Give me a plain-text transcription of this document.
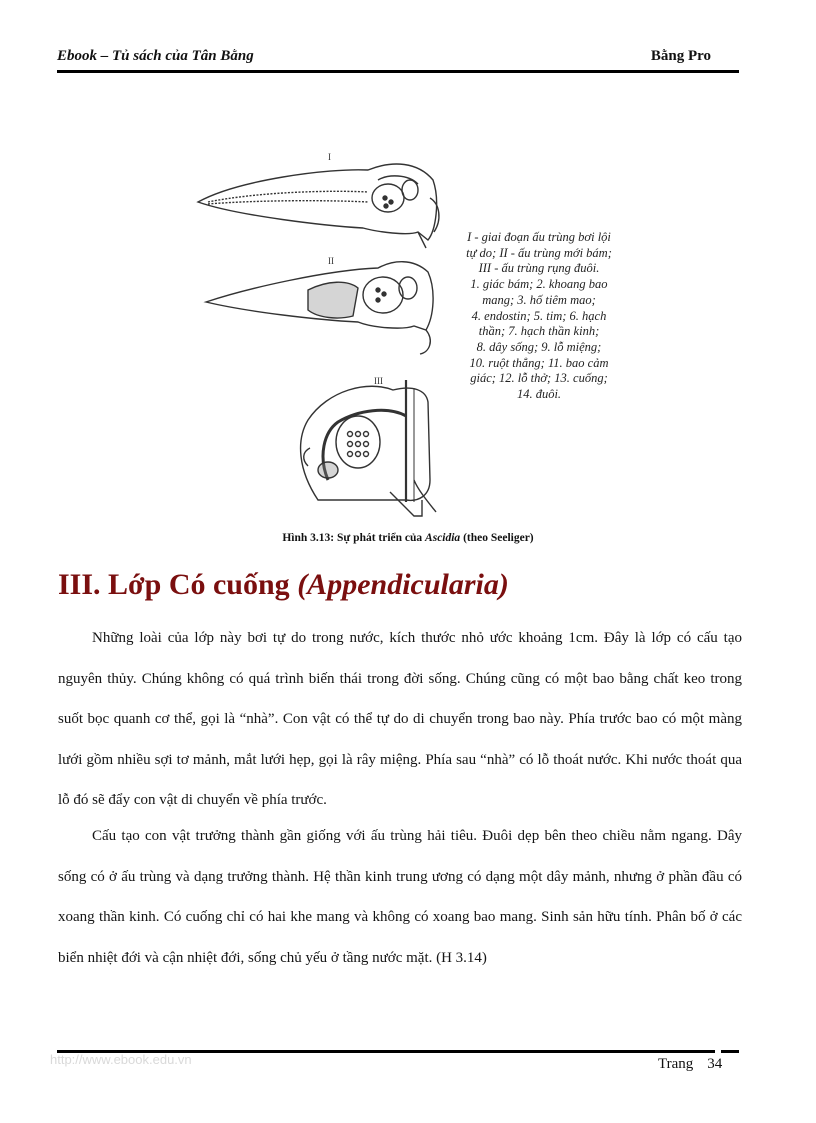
Ebook – Tủ sách của Tân Bằng	Bằng Pro
I
II
III
I - giai đoạn ấu trùng bơi lội
tự do; II - ấu trùng mới bám;
III - ấu trùng rụng đuôi.
1. giác bám; 2. khoang bao
mang; 3. hố tiêm mao;
4. endostin; 5. tim; 6. hạch
thần; 7. hạch thần kinh;
8. dây sống; 9. lỗ miệng;
10. ruột thẳng; 11. bao cảm
giác; 12. lỗ thở; 13. cuống;
14. đuôi.
Hình 3.13: Sự phát triển của Ascidia (theo Seeliger)
III. Lớp Có cuống (Appendicularia)

Những loài của lớp này bơi tự do trong nước, kích thước nhỏ ước khoảng 1cm. Đây là lớp có cấu tạo nguyên thủy. Chúng không có quá trình biến thái trong đời sống. Chúng cũng có một bao bằng chất keo trong suốt bọc quanh cơ thể, gọi là “nhà”. Con vật có thể tự do di chuyển trong bao này. Phía trước bao có một màng lưới gồm nhiều sợi tơ mảnh, mắt lưới hẹp, gọi là rây miệng. Phía sau “nhà” có lỗ thoát nước. Khi nước thoát qua lỗ đó sẽ đẩy con vật di chuyển về phía trước.

Cấu tạo con vật trưởng thành gần giống với ấu trùng hải tiêu. Đuôi dẹp bên theo chiều nằm ngang. Dây sống có ở ấu trùng và dạng trưởng thành. Hệ thần kinh trung ương có dạng một dây mảnh, nhưng ở phần đầu có xoang thần kinh. Có cuống chỉ có hai khe mang và không có xoang bao mang. Sinh sản hữu tính. Phân bố ở các biển nhiệt đới và cận nhiệt đới, sống chủ yếu ở tầng nước mặt. (H 3.14)

http://www.ebook.edu.vn	Trang 34
